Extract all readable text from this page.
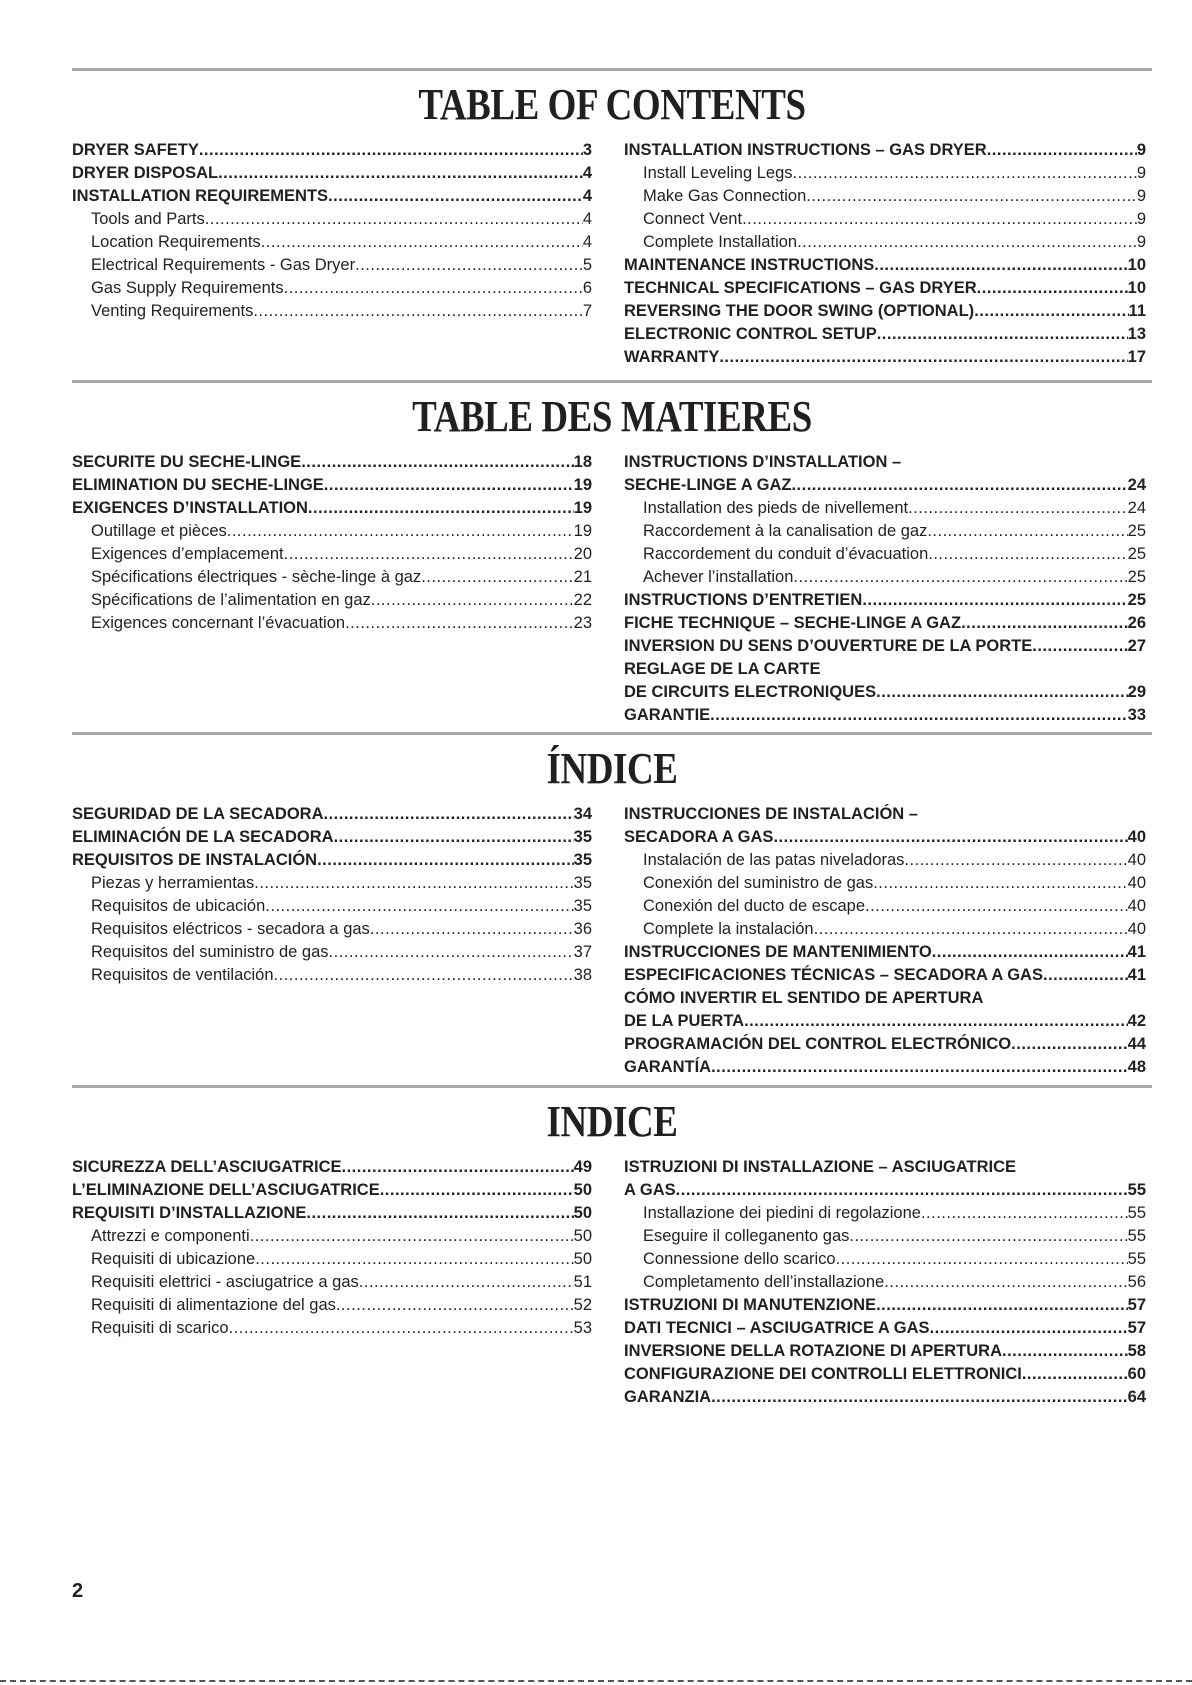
TABLE OF CONTENTS
DRYER SAFETY .....	3
DRYER DISPOSAL .....	4
INSTALLATION REQUIREMENTS .....	4
Tools and Parts .....	4
Location Requirements .....	4
Electrical Requirements - Gas Dryer .....	5
Gas Supply Requirements .....	6
Venting Requirements .....	7
INSTALLATION INSTRUCTIONS – GAS DRYER .....	9
Install Leveling Legs .....	9
Make Gas Connection .....	9
Connect Vent .....	9
Complete Installation .....	9
MAINTENANCE INSTRUCTIONS .....	10
TECHNICAL SPECIFICATIONS – GAS DRYER .....	10
REVERSING THE DOOR SWING (OPTIONAL) .....	11
ELECTRONIC CONTROL SETUP .....	13
WARRANTY .....	17
TABLE DES MATIERES
SECURITE DU SECHE-LINGE .....	18
ELIMINATION DU SECHE-LINGE .....	19
EXIGENCES D’INSTALLATION .....	19
Outillage et pièces .....	19
Exigences d’emplacement .....	20
Spécifications électriques - sèche-linge à gaz .....	21
Spécifications de l’alimentation en gaz .....	22
Exigences concernant l’évacuation .....	23
INSTRUCTIONS D’INSTALLATION –
SECHE-LINGE A GAZ .....	24
Installation des pieds de nivellement .....	24
Raccordement à la canalisation de gaz .....	25
Raccordement du conduit d’évacuation .....	25
Achever l’installation .....	25
INSTRUCTIONS D’ENTRETIEN .....	25
FICHE TECHNIQUE – SECHE-LINGE A GAZ .....	26
INVERSION DU SENS D’OUVERTURE DE LA PORTE .....	27
REGLAGE DE LA CARTE
DE CIRCUITS ELECTRONIQUES .....	29
GARANTIE .....	33
ÍNDICE
SEGURIDAD DE LA SECADORA .....	34
ELIMINACIÓN DE LA SECADORA .....	35
REQUISITOS DE INSTALACIÓN .....	35
Piezas y herramientas .....	35
Requisitos de ubicación .....	35
Requisitos eléctricos - secadora a gas .....	36
Requisitos del suministro de gas .....	37
Requisitos de ventilación .....	38
INSTRUCCIONES DE INSTALACIÓN –
SECADORA A GAS .....	40
Instalación de las patas niveladoras .....	40
Conexión del suministro de gas .....	40
Conexión del ducto de escape .....	40
Complete la instalación .....	40
INSTRUCCIONES DE MANTENIMIENTO .....	41
ESPECIFICACIONES TÉCNICAS – SECADORA A GAS .....	41
CÓMO INVERTIR EL SENTIDO DE APERTURA
DE LA PUERTA .....	42
PROGRAMACIÓN DEL CONTROL ELECTRÓNICO .....	44
GARANTÍA .....	48
INDICE
SICUREZZA DELL’ASCIUGATRICE .....	49
L’ELIMINAZIONE DELL’ASCIUGATRICE .....	50
REQUISITI D’INSTALLAZIONE .....	50
Attrezzi e componenti .....	50
Requisiti di ubicazione .....	50
Requisiti elettrici - asciugatrice a gas .....	51
Requisiti di alimentazione del gas .....	52
Requisiti di scarico .....	53
ISTRUZIONI DI INSTALLAZIONE – ASCIUGATRICE
A GAS .....	55
Installazione dei piedini di regolazione .....	55
Eseguire il colleganento gas .....	55
Connessione dello scarico .....	55
Completamento dell’installazione .....	56
ISTRUZIONI DI MANUTENZIONE .....	57
DATI TECNICI – ASCIUGATRICE A GAS .....	57
INVERSIONE DELLA ROTAZIONE DI APERTURA .....	58
CONFIGURAZIONE DEI CONTROLLI ELETTRONICI .....	60
GARANZIA .....	64
2
